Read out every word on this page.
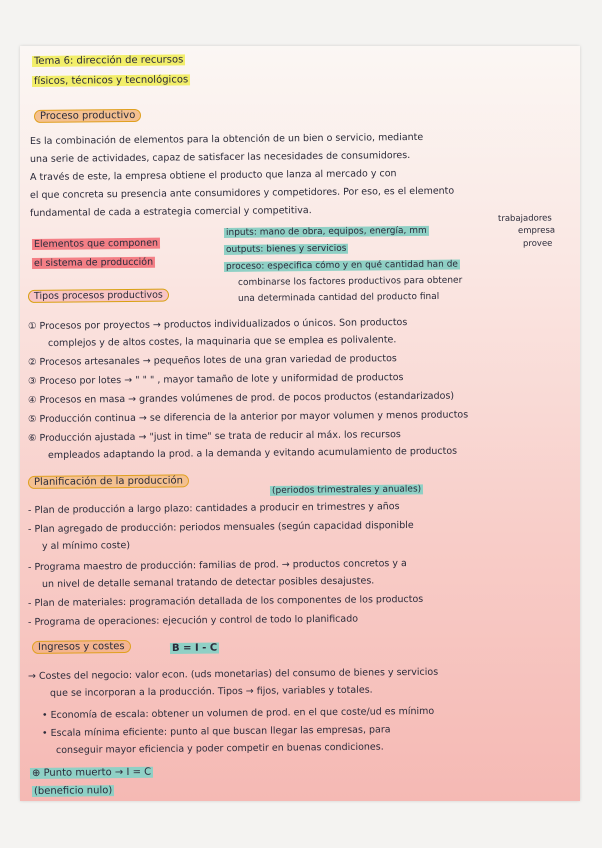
Tema 6: dirección de recursos
físicos, técnicos y tecnológicos
Proceso productivo
Es la combinación de elementos para la obtención de un bien o servicio, mediante
una serie de actividades, capaz de satisfacer las necesidades de consumidores.
A través de este, la empresa obtiene el producto que lanza al mercado y con
el que concreta su presencia ante consumidores y competidores. Por eso, es el elemento
fundamental de cada a estrategia comercial y competitiva.	trabajadores
Elementos que componen
el sistema de producción
inputs: mano de obra, equipos, energía, mm	empresa
provee
outputs: bienes y servicios
proceso: especifica cómo y en qué cantidad han de
combinarse los factores productivos para obtener
una determinada cantidad del producto final
Tipos procesos productivos
① Procesos por proyectos → productos individualizados o únicos. Son productos
complejos y de altos costes, la maquinaria que se emplea es polivalente.
② Procesos artesanales → pequeños lotes de una gran variedad de productos
③ Proceso por lotes → " " " , mayor tamaño de lote y uniformidad de productos
④ Procesos en masa → grandes volúmenes de prod. de pocos productos (estandarizados)
⑤ Producción continua → se diferencia de la anterior por mayor volumen y menos productos
⑥ Producción ajustada → "just in time" se trata de reducir al máx. los recursos
empleados adaptando la prod. a la demanda y evitando acumulamiento de productos
Planificación de la producción
(periodos trimestrales y anuales)
- Plan de producción a largo plazo: cantidades a producir en trimestres y años
- Plan agregado de producción: periodos mensuales (según capacidad disponible
y al mínimo coste)
- Programa maestro de producción: familias de prod. → productos concretos y a
un nivel de detalle semanal tratando de detectar posibles desajustes.
- Plan de materiales: programación detallada de los componentes de los productos
- Programa de operaciones: ejecución y control de todo lo planificado
Ingresos y costes	B = I - C
→ Costes del negocio: valor econ. (uds monetarias) del consumo de bienes y servicios
que se incorporan a la producción. Tipos → fijos, variables y totales.
• Economía de escala: obtener un volumen de prod. en el que coste/ud es mínimo
• Escala mínima eficiente: punto al que buscan llegar las empresas, para
conseguir mayor eficiencia y poder competir en buenas condiciones.
⊕ Punto muerto → I = C
(beneficio nulo)
